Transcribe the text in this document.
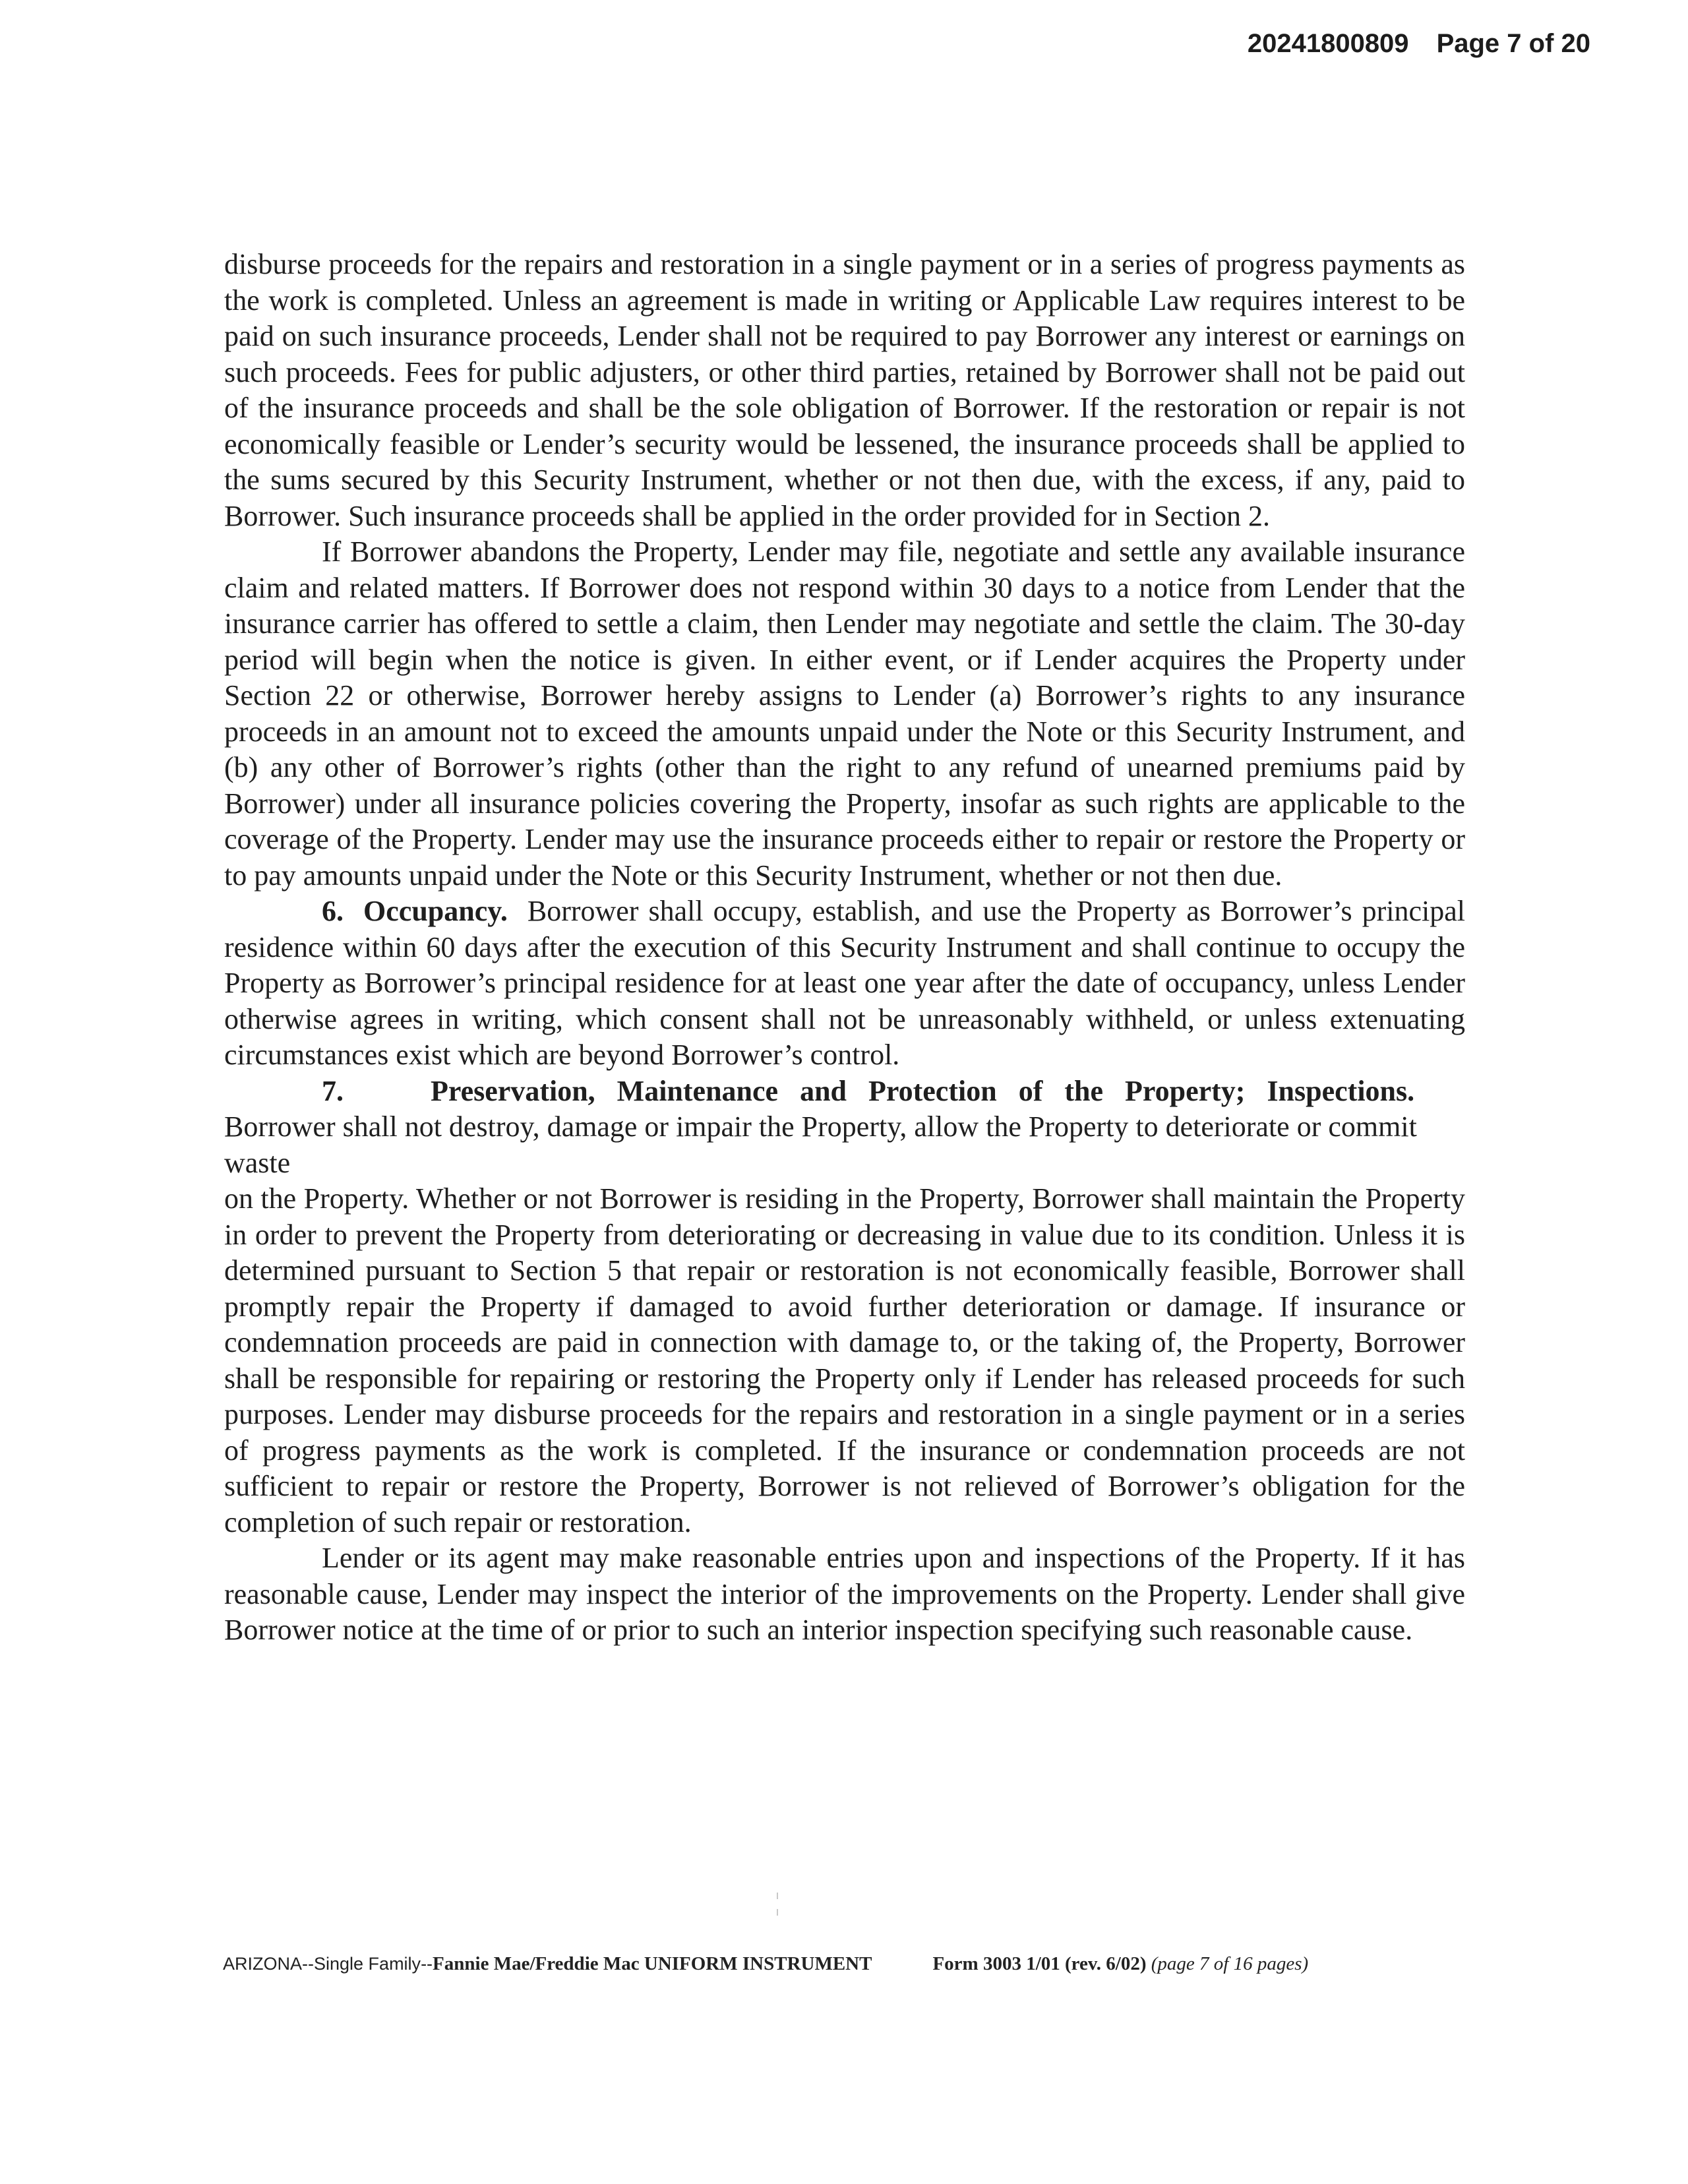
20241800809 Page 7 of 20

disburse proceeds for the repairs and restoration in a single payment or in a series of progress payments as the work is completed. Unless an agreement is made in writing or Applicable Law requires interest to be paid on such insurance proceeds, Lender shall not be required to pay Borrower any interest or earnings on such proceeds. Fees for public adjusters, or other third parties, retained by Borrower shall not be paid out of the insurance proceeds and shall be the sole obligation of Borrower. If the restoration or repair is not economically feasible or Lender’s security would be lessened, the insurance proceeds shall be applied to the sums secured by this Security Instrument, whether or not then due, with the excess, if any, paid to Borrower. Such insurance proceeds shall be applied in the order provided for in Section 2.

If Borrower abandons the Property, Lender may file, negotiate and settle any available insurance claim and related matters. If Borrower does not respond within 30 days to a notice from Lender that the insurance carrier has offered to settle a claim, then Lender may negotiate and settle the claim. The 30-day period will begin when the notice is given. In either event, or if Lender acquires the Property under Section 22 or otherwise, Borrower hereby assigns to Lender (a) Borrower’s rights to any insurance proceeds in an amount not to exceed the amounts unpaid under the Note or this Security Instrument, and (b) any other of Borrower’s rights (other than the right to any refund of unearned premiums paid by Borrower) under all insurance policies covering the Property, insofar as such rights are applicable to the coverage of the Property. Lender may use the insurance proceeds either to repair or restore the Property or to pay amounts unpaid under the Note or this Security Instrument, whether or not then due.

6. Occupancy. Borrower shall occupy, establish, and use the Property as Borrower’s principal residence within 60 days after the execution of this Security Instrument and shall continue to occupy the Property as Borrower’s principal residence for at least one year after the date of occupancy, unless Lender otherwise agrees in writing, which consent shall not be unreasonably withheld, or unless extenuating circumstances exist which are beyond Borrower’s control.

7.	Preservation, Maintenance and Protection of the Property; Inspections.

Borrower shall not destroy, damage or impair the Property, allow the Property to deteriorate or commit waste

on the Property. Whether or not Borrower is residing in the Property, Borrower shall maintain the Property in order to prevent the Property from deteriorating or decreasing in value due to its condition. Unless it is determined pursuant to Section 5 that repair or restoration is not economically feasible, Borrower shall promptly repair the Property if damaged to avoid further deterioration or damage. If insurance or condemnation proceeds are paid in connection with damage to, or the taking of, the Property, Borrower shall be responsible for repairing or restoring the Property only if Lender has released proceeds for such purposes. Lender may disburse proceeds for the repairs and restoration in a single payment or in a series of progress payments as the work is completed. If the insurance or condemnation proceeds are not sufficient to repair or restore the Property, Borrower is not relieved of Borrower’s obligation for the completion of such repair or restoration.

Lender or its agent may make reasonable entries upon and inspections of the Property. If it has reasonable cause, Lender may inspect the interior of the improvements on the Property. Lender shall give Borrower notice at the time of or prior to such an interior inspection specifying such reasonable cause.

ARIZONA--Single Family--Fannie Mae/Freddie Mac UNIFORM INSTRUMENT	Form 3003 1/01 (rev. 6/02) (page 7 of 16 pages)
